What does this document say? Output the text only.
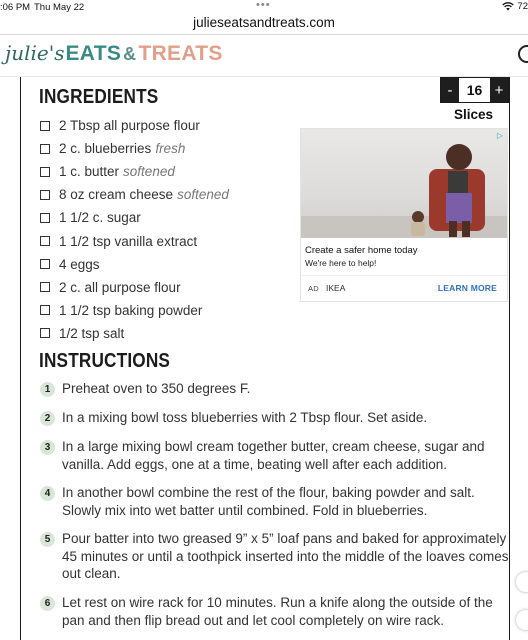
:06 PM Thu May 22	•••	72
julieseatsandtreats.com
julie's EATS & TREATS
INGREDIENTS	-	16 +
Slices
2 Tbsp all purpose flour
2 c. blueberries fresh
1 c. butter softened
8 oz cream cheese softened
1 1/2 c. sugar
1 1/2 tsp vanilla extract
4 eggs
2 c. all purpose flour
1 1/2 tsp baking powder
1/2 tsp salt
▷
Create a safer home today
We're here to help!
AD IKEA	LEARN MORE
INSTRUCTIONS
1 Preheat oven to 350 degrees F.
2 In a mixing bowl toss blueberries with 2 Tbsp flour. Set aside.
3 In a large mixing bowl cream together butter, cream cheese, sugar and vanilla. Add eggs, one at a time, beating well after each addition.
4 In another bowl combine the rest of the flour, baking powder and salt. Slowly mix into wet batter until combined. Fold in blueberries.
5 Pour batter into two greased 9” x 5” loaf pans and baked for approximately 45 minutes or until a toothpick inserted into the middle of the loaves comes out clean.
6 Let rest on wire rack for 10 minutes. Run a knife along the outside of the pan and then flip bread out and let cool completely on wire rack.
